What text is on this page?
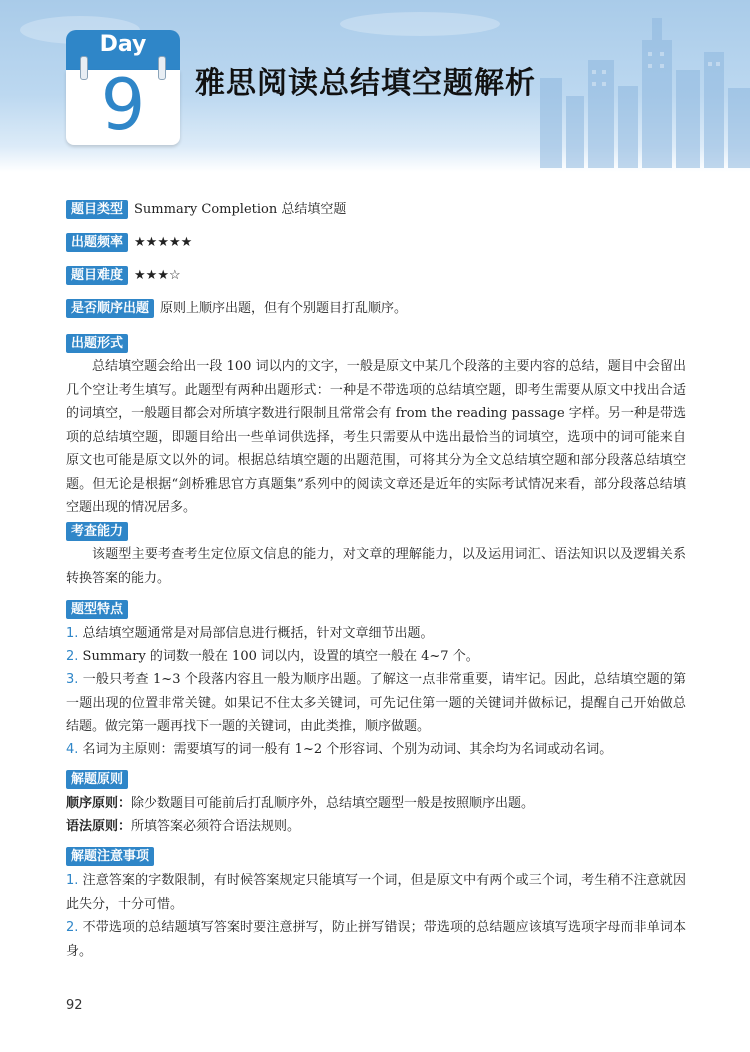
Day
9	雅思阅读总结填空题解析
题目类型 Summary Completion 总结填空题
出题频率 ★★★★★
题目难度 ★★★☆
是否顺序出题 原则上顺序出题，但有个别题目打乱顺序。
出题形式
总结填空题会给出一段 100 词以内的文字，一般是原文中某几个段落的主要内容的总结，题目中会留出几个空让考生填写。此题型有两种出题形式：一种是不带选项的总结填空题，即考生需要从原文中找出合适的词填空，一般题目都会对所填字数进行限制且常常会有 from the reading passage 字样。另一种是带选项的总结填空题，即题目给出一些单词供选择，考生只需要从中选出最恰当的词填空，选项中的词可能来自原文也可能是原文以外的词。根据总结填空题的出题范围，可将其分为全文总结填空题和部分段落总结填空题。但无论是根据“剑桥雅思官方真题集”系列中的阅读文章还是近年的实际考试情况来看，部分段落总结填空题出现的情况居多。
考查能力
该题型主要考查考生定位原文信息的能力，对文章的理解能力，以及运用词汇、语法知识以及逻辑关系转换答案的能力。
题型特点
1. 总结填空题通常是对局部信息进行概括，针对文章细节出题。
2. Summary 的词数一般在 100 词以内，设置的填空一般在 4~7 个。
3. 一般只考查 1~3 个段落内容且一般为顺序出题。了解这一点非常重要，请牢记。因此，总结填空题的第一题出现的位置非常关键。如果记不住太多关键词，可先记住第一题的关键词并做标记，提醒自己开始做总结题。做完第一题再找下一题的关键词，由此类推，顺序做题。
4. 名词为主原则：需要填写的词一般有 1~2 个形容词、个别为动词、其余均为名词或动名词。
解题原则
顺序原则：除少数题目可能前后打乱顺序外，总结填空题型一般是按照顺序出题。
语法原则：所填答案必须符合语法规则。
解题注意事项
1. 注意答案的字数限制，有时候答案规定只能填写一个词，但是原文中有两个或三个词，考生稍不注意就因此失分，十分可惜。
2. 不带选项的总结题填写答案时要注意拼写，防止拼写错误；带选项的总结题应该填写选项字母而非单词本身。
92
